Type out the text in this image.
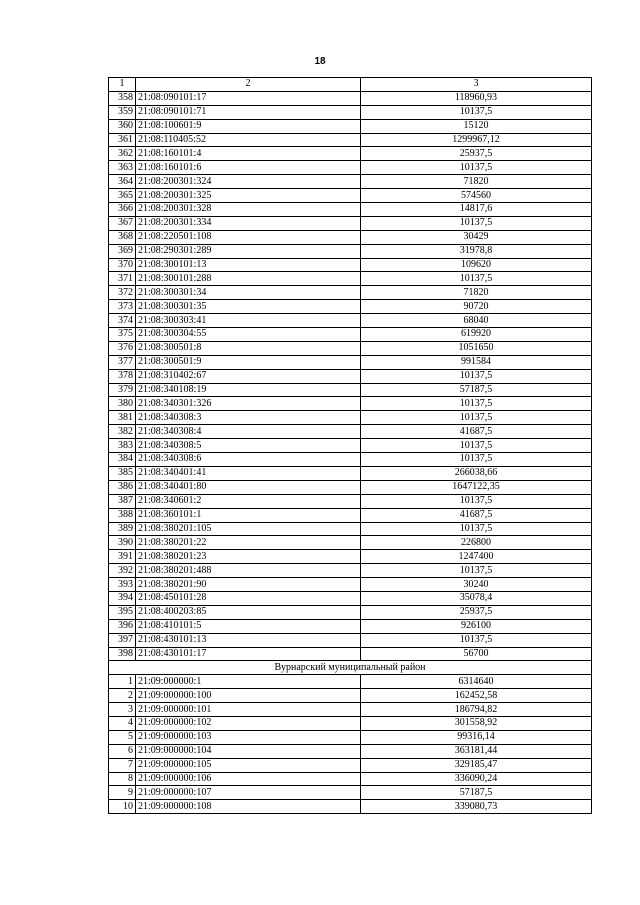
18
1	2	3
358	21:08:090101:17	118960,93
359	21:08:090101:71	10137,5
360	21:08:100601:9	15120
361	21:08:110405:52	1299967,12
362	21:08:160101:4	25937,5
363	21:08:160101:6	10137,5
364	21:08:200301:324	71820
365	21:08:200301:325	574560
366	21:08:200301:328	14817,6
367	21:08:200301:334	10137,5
368	21:08:220501:108	30429
369	21:08:290301:289	31978,8
370	21:08:300101:13	109620
371	21:08:300101:288	10137,5
372	21:08:300301:34	71820
373	21:08:300301:35	90720
374	21:08:300303:41	68040
375	21:08:300304:55	619920
376	21:08:300501:8	1051650
377	21:08:300501:9	991584
378	21:08:310402:67	10137,5
379	21:08:340108:19	57187,5
380	21:08:340301:326	10137,5
381	21:08:340308:3	10137,5
382	21:08:340308:4	41687,5
383	21:08:340308:5	10137,5
384	21:08:340308:6	10137,5
385	21:08:340401:41	266038,66
386	21:08:340401:80	1647122,35
387	21:08:340601:2	10137,5
388	21:08:360101:1	41687,5
389	21:08:380201:105	10137,5
390	21:08:380201:22	226800
391	21:08:380201:23	1247400
392	21:08:380201:488	10137,5
393	21:08:380201:90	30240
394	21:08:450101:28	35078,4
395	21:08:400203:85	25937,5
396	21:08:410101:5	926100
397	21:08:430101:13	10137,5
398	21:08:430101:17	56700
Вурнарский муниципальный район		
1	21:09:000000:1	6314640
2	21:09:000000:100	162452,58
3	21:09:000000:101	186794,82
4	21:09:000000:102	301558,92
5	21:09:000000:103	99316,14
6	21:09:000000:104	363181,44
7	21:09:000000:105	329185,47
8	21:09:000000:106	336090,24
9	21:09:000000:107	57187,5
10	21:09:000000:108	339080,73
